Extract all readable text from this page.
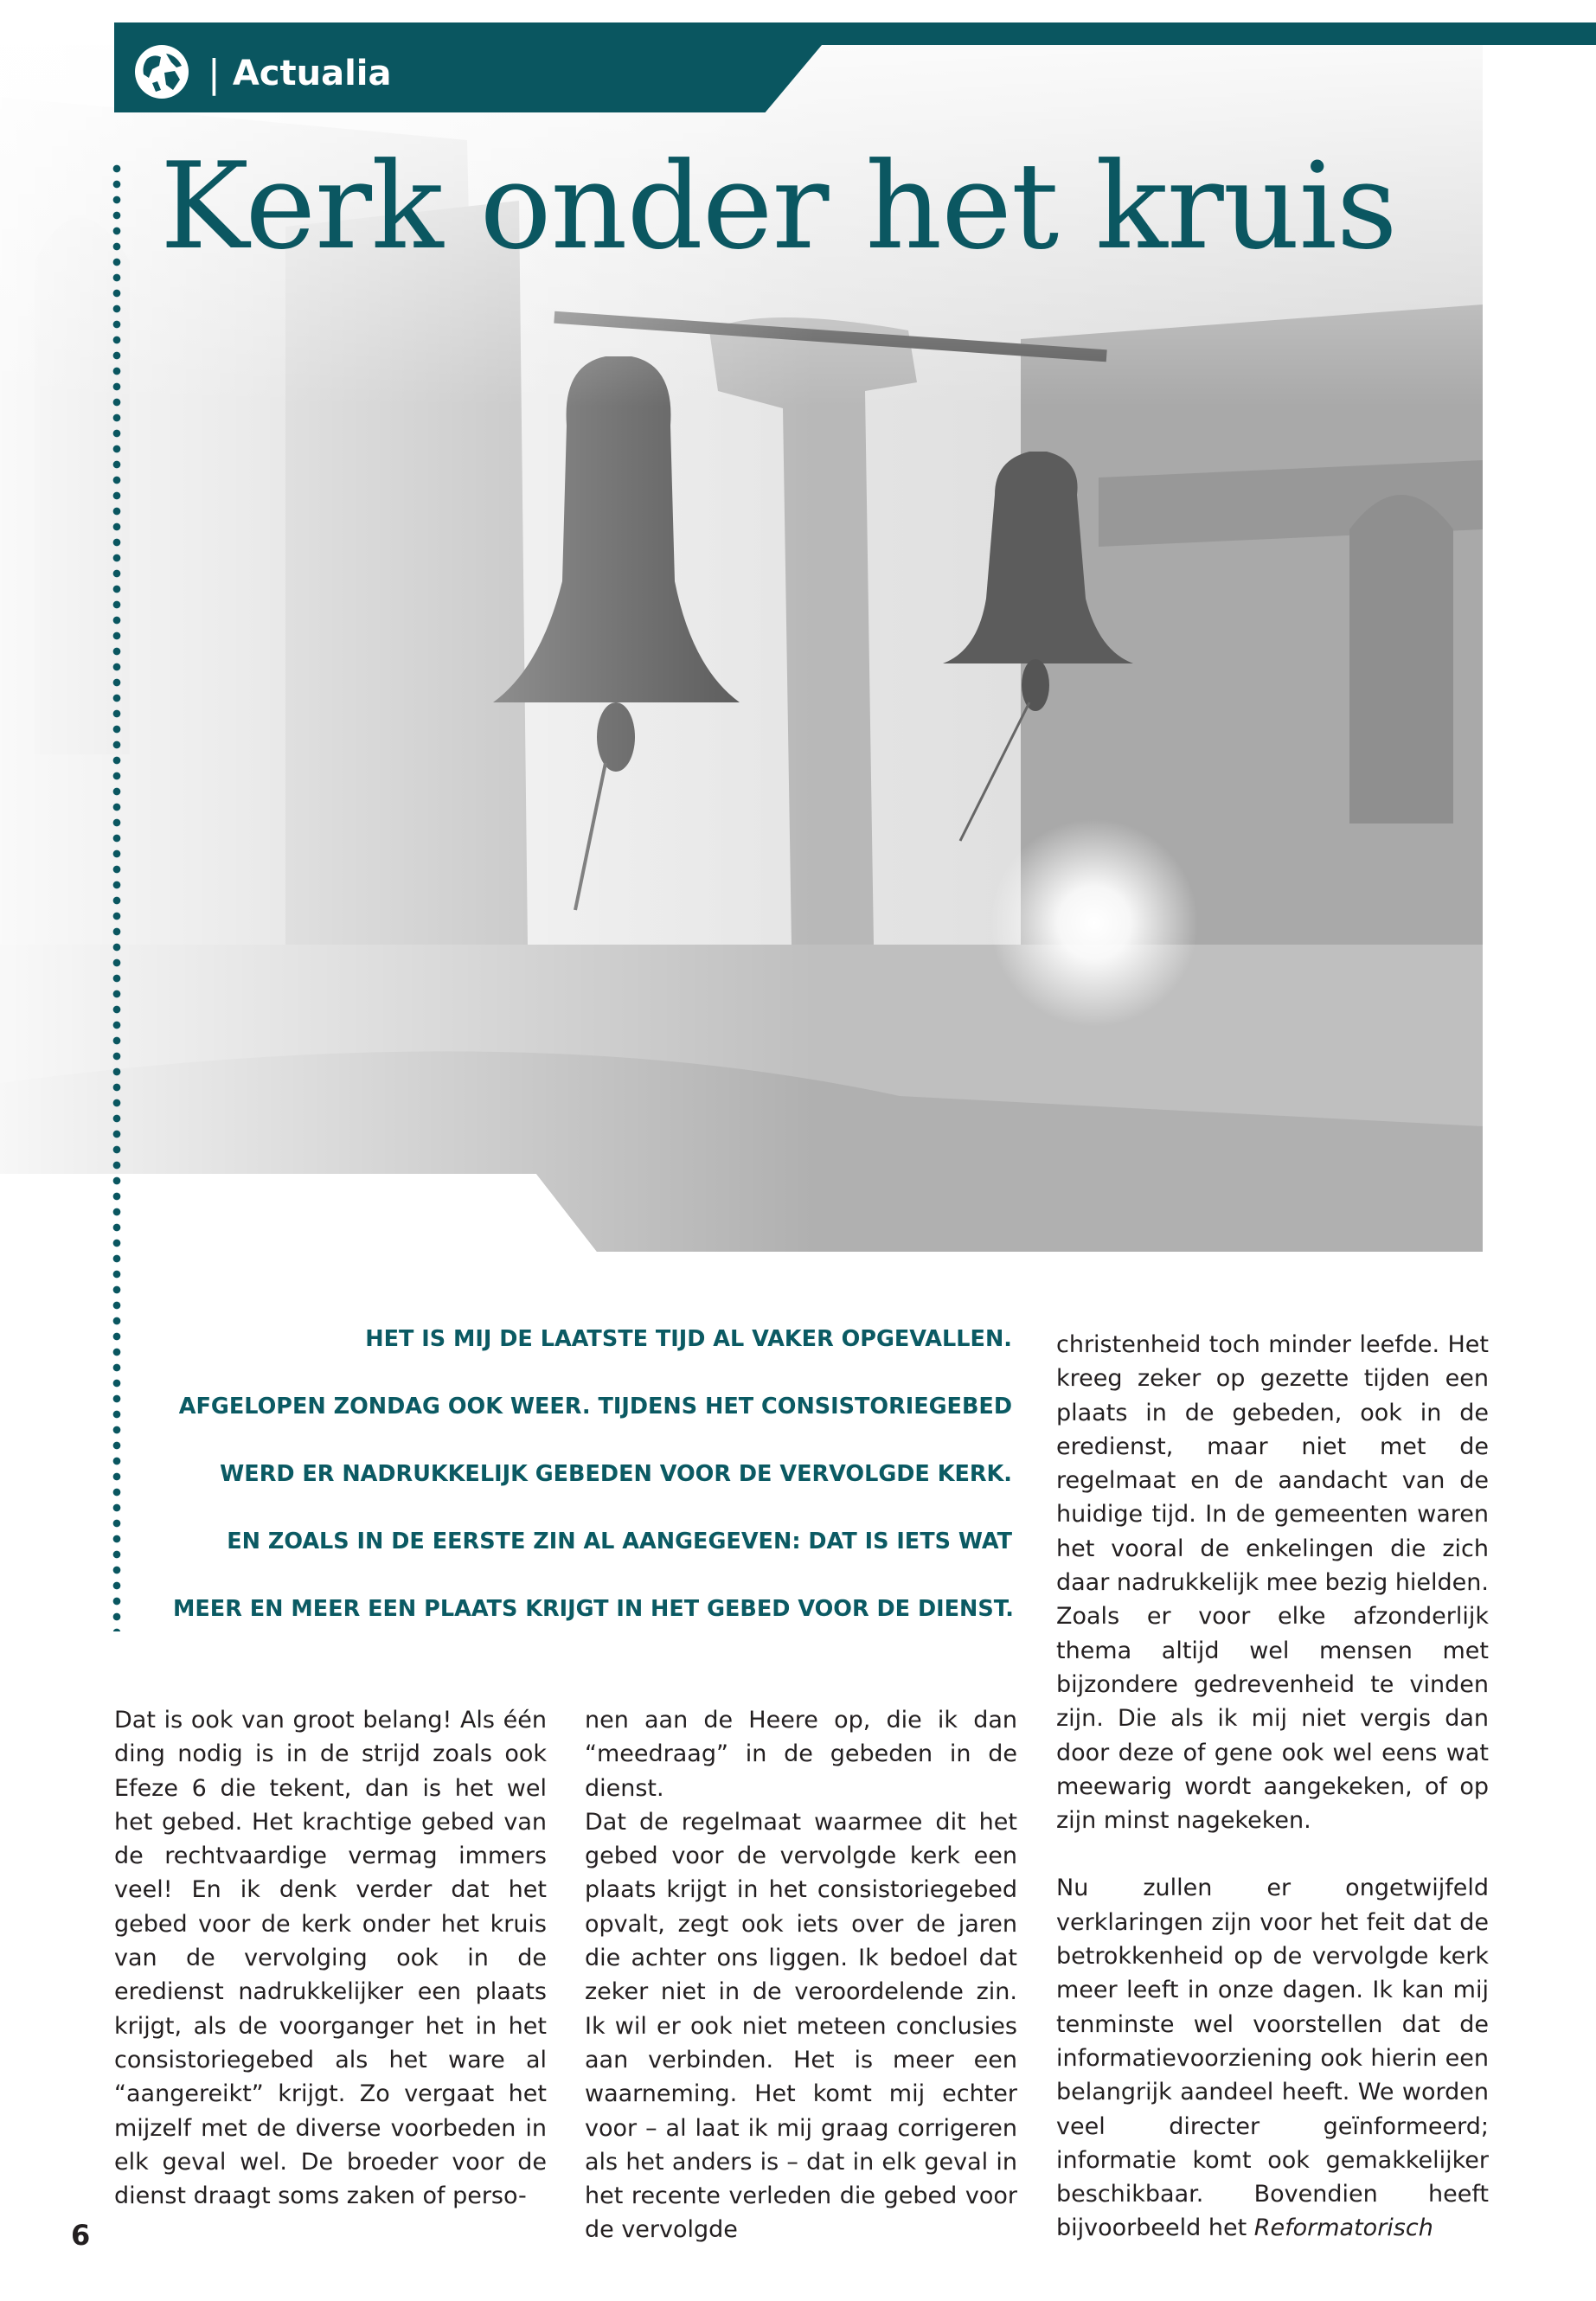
| Actualia
Kerk onder het kruis
HET IS MIJ DE LAATSTE TIJD AL VAKER OPGEVALLEN.
AFGELOPEN ZONDAG OOK WEER. TIJDENS HET CONSISTORIEGEBED
WERD ER NADRUKKELIJK GEBEDEN VOOR DE VERVOLGDE KERK.
EN ZOALS IN DE EERSTE ZIN AL AANGEGEVEN: DAT IS IETS WAT
MEER EN MEER EEN PLAATS KRIJGT IN HET GEBED VOOR DE DIENST.

Dat is ook van groot belang! Als één ding nodig is in de strijd zoals ook Efeze 6 die tekent, dan is het wel het gebed. Het krachtige gebed van de rechtvaardige vermag immers veel! En ik denk verder dat het gebed voor de kerk onder het kruis van de vervolging ook in de eredienst nadrukkelijker een plaats krijgt, als de voorganger het in het consistoriegebed als het ware al “aangereikt” krijgt. Zo vergaat het mijzelf met de diverse voorbeden in elk geval wel. De broeder voor de dienst draagt soms zaken of perso-

nen aan de Heere op, die ik dan “meedraag” in de gebeden in de dienst.

Dat de regelmaat waarmee dit het gebed voor de vervolgde kerk een plaats krijgt in het consistoriegebed opvalt, zegt ook iets over de jaren die achter ons liggen. Ik bedoel dat zeker niet in de veroordelende zin. Ik wil er ook niet meteen conclusies aan verbinden. Het is meer een waarneming. Het komt mij echter voor – al laat ik mij graag corrigeren als het anders is – dat in elk geval in het recente verleden die gebed voor de vervolgde

christenheid toch minder leefde. Het kreeg zeker op gezette tijden een plaats in de gebeden, ook in de eredienst, maar niet met de regelmaat en de aandacht van de huidige tijd. In de gemeenten waren het vooral de enkelingen die zich daar nadrukkelijk mee bezig hielden. Zoals er voor elke afzonderlijk thema altijd wel mensen met bijzondere gedrevenheid te vinden zijn. Die als ik mij niet vergis dan door deze of gene ook wel eens wat meewarig wordt aangekeken, of op zijn minst nagekeken.

Nu zullen er ongetwijfeld verklaringen zijn voor het feit dat de betrokkenheid op de vervolgde kerk meer leeft in onze dagen. Ik kan mij tenminste wel voorstellen dat de informatievoorziening ook hierin een belangrijk aandeel heeft. We worden veel directer geïnformeerd; informatie komt ook gemakkelijker beschikbaar. Bovendien heeft bijvoorbeeld het Reformatorisch

6
